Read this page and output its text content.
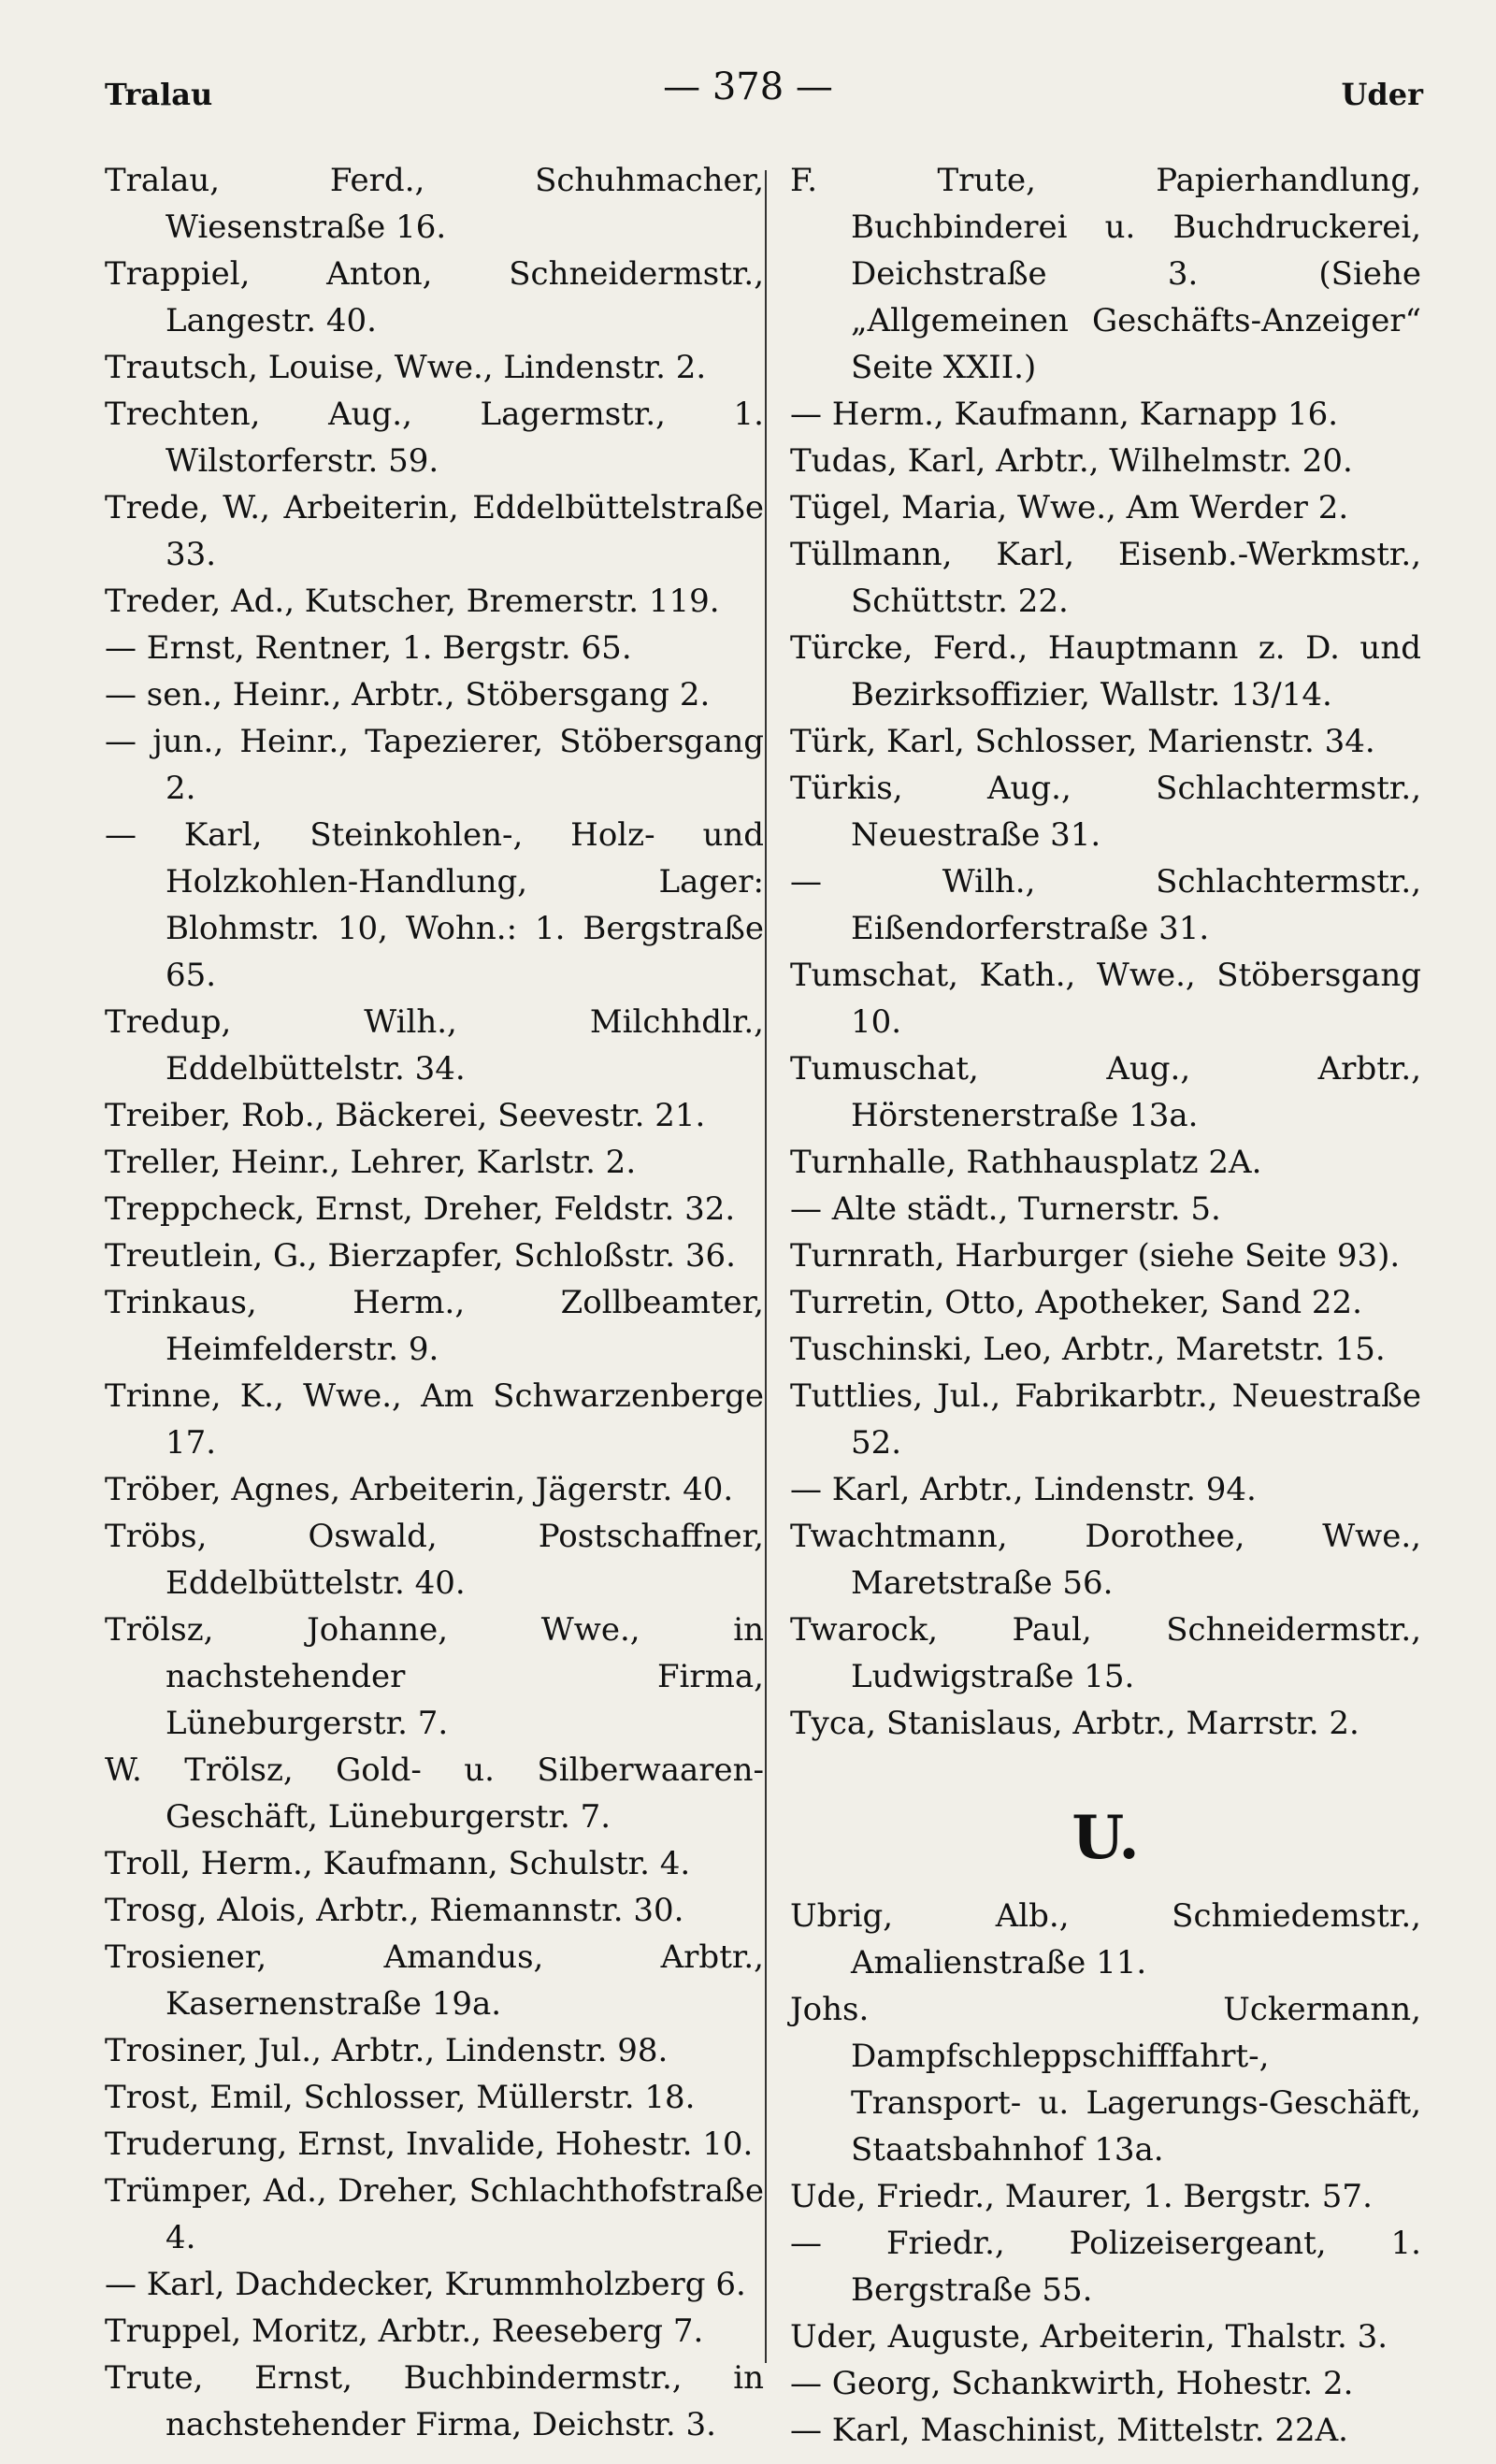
Tralau	— 378 —	Uder

Tralau, Ferd., Schuhmacher, Wiesenstraße 16.

Trappiel, Anton, Schneidermstr., Langestr. 40.

Trautsch, Louise, Wwe., Lindenstr. 2.

Trechten, Aug., Lagermstr., 1. Wilstorferstr. 59.

Trede, W., Arbeiterin, Eddelbüttelstraße 33.

Treder, Ad., Kutscher, Bremerstr. 119.

— Ernst, Rentner, 1. Bergstr. 65.

— sen., Heinr., Arbtr., Stöbersgang 2.

— jun., Heinr., Tapezierer, Stöbersgang 2.

— Karl, Steinkohlen-, Holz- und Holzkohlen-Handlung, Lager: Blohmstr. 10, Wohn.: 1. Bergstraße 65.

Tredup, Wilh., Milchhdlr., Eddelbüttelstr. 34.

Treiber, Rob., Bäckerei, Seevestr. 21.

Treller, Heinr., Lehrer, Karlstr. 2.

Treppcheck, Ernst, Dreher, Feldstr. 32.

Treutlein, G., Bierzapfer, Schloßstr. 36.

Trinkaus, Herm., Zollbeamter, Heimfelderstr. 9.

Trinne, K., Wwe., Am Schwarzenberge 17.

Tröber, Agnes, Arbeiterin, Jägerstr. 40.

Tröbs, Oswald, Postschaffner, Eddelbüttelstr. 40.

Trölsz, Johanne, Wwe., in nachstehender Firma, Lüneburgerstr. 7.

W. Trölsz, Gold- u. Silberwaaren-Geschäft, Lüneburgerstr. 7.

Troll, Herm., Kaufmann, Schulstr. 4.

Trosg, Alois, Arbtr., Riemannstr. 30.

Trosiener, Amandus, Arbtr., Kasernenstraße 19a.

Trosiner, Jul., Arbtr., Lindenstr. 98.

Trost, Emil, Schlosser, Müllerstr. 18.

Truderung, Ernst, Invalide, Hohestr. 10.

Trümper, Ad., Dreher, Schlachthofstraße 4.

— Karl, Dachdecker, Krummholzberg 6.

Truppel, Moritz, Arbtr., Reeseberg 7.

Trute, Ernst, Buchbindermstr., in nachstehender Firma, Deichstr. 3.

F. Trute, Papierhandlung, Buchbinderei u. Buchdruckerei, Deichstraße 3. (Siehe „Allgemeinen Geschäfts-Anzeiger“ Seite XXII.)

— Herm., Kaufmann, Karnapp 16.

Tudas, Karl, Arbtr., Wilhelmstr. 20.

Tügel, Maria, Wwe., Am Werder 2.

Tüllmann, Karl, Eisenb.-Werkmstr., Schüttstr. 22.

Türcke, Ferd., Hauptmann z. D. und Bezirksoffizier, Wallstr. 13/14.

Türk, Karl, Schlosser, Marienstr. 34.

Türkis, Aug., Schlachtermstr., Neuestraße 31.

— Wilh., Schlachtermstr., Eißendorferstraße 31.

Tumschat, Kath., Wwe., Stöbersgang 10.

Tumuschat, Aug., Arbtr., Hörstenerstraße 13a.

Turnhalle, Rathhausplatz 2A.

— Alte städt., Turnerstr. 5.

Turnrath, Harburger (siehe Seite 93).

Turretin, Otto, Apotheker, Sand 22.

Tuschinski, Leo, Arbtr., Maretstr. 15.

Tuttlies, Jul., Fabrikarbtr., Neuestraße 52.

— Karl, Arbtr., Lindenstr. 94.

Twachtmann, Dorothee, Wwe., Maretstraße 56.

Twarock, Paul, Schneidermstr., Ludwigstraße 15.

Tyca, Stanislaus, Arbtr., Marrstr. 2.

U.

Ubrig, Alb., Schmiedemstr., Amalienstraße 11.

Johs. Uckermann, Dampfschleppschifffahrt-, Transport- u. Lagerungs-Geschäft, Staatsbahnhof 13a.

Ude, Friedr., Maurer, 1. Bergstr. 57.

— Friedr., Polizeisergeant, 1. Bergstraße 55.

Uder, Auguste, Arbeiterin, Thalstr. 3.

— Georg, Schankwirth, Hohestr. 2.

— Karl, Maschinist, Mittelstr. 22A.
